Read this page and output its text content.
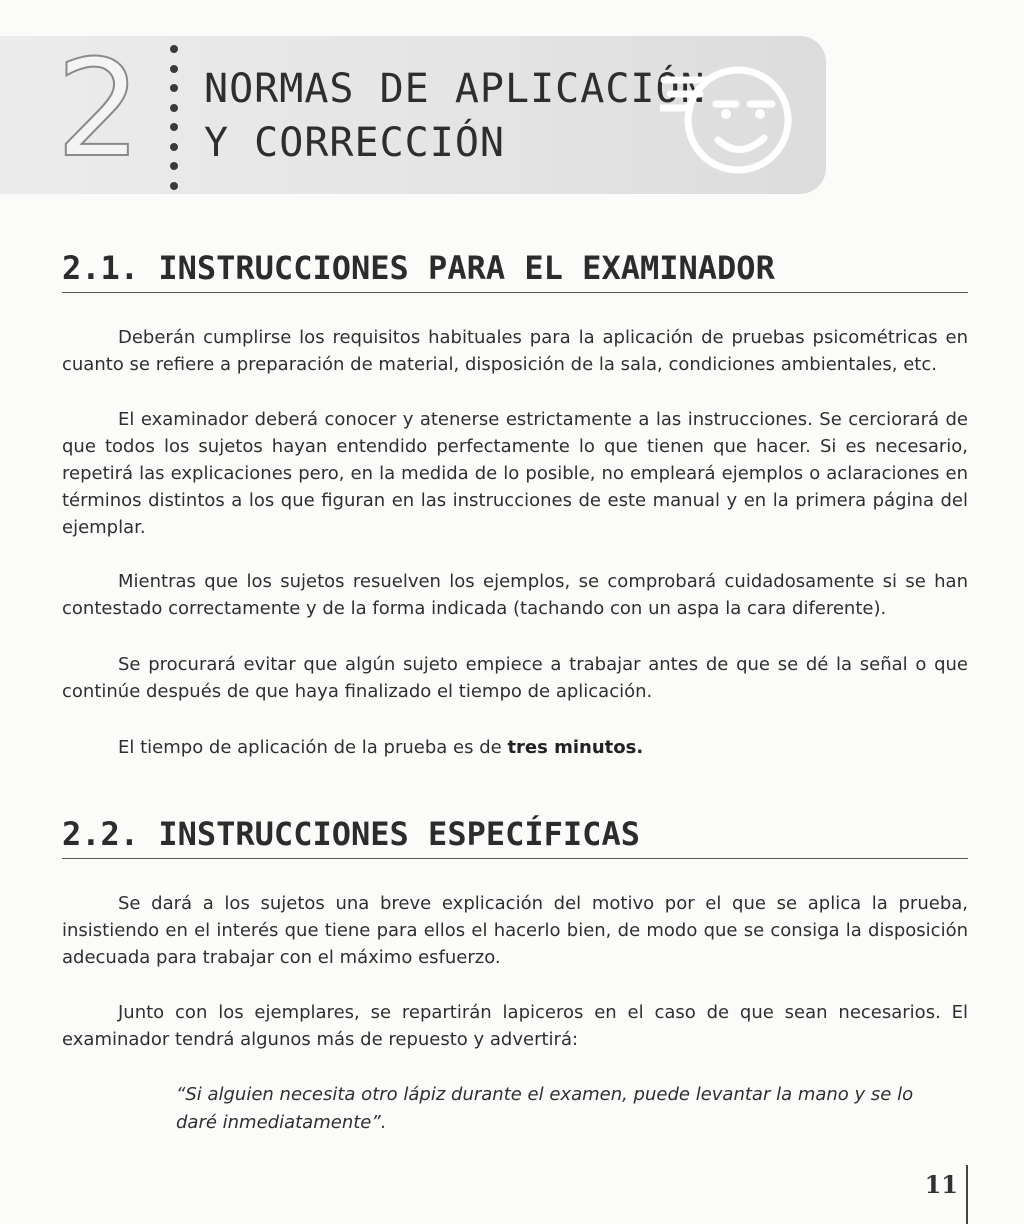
2 NORMAS DE APLICACIÓN
Y CORRECCIÓN
2.1. INSTRUCCIONES PARA EL EXAMINADOR

Deberán cumplirse los requisitos habituales para la aplicación de pruebas psicométricas en cuanto se refiere a preparación de material, disposición de la sala, condiciones ambientales, etc.

El examinador deberá conocer y atenerse estrictamente a las instrucciones. Se cerciorará de que todos los sujetos hayan entendido perfectamente lo que tienen que hacer. Si es necesario, repetirá las explicaciones pero, en la medida de lo posible, no empleará ejemplos o aclaraciones en términos distintos a los que figuran en las instrucciones de este manual y en la primera página del ejemplar.

Mientras que los sujetos resuelven los ejemplos, se comprobará cuidadosamente si se han contestado correctamente y de la forma indicada (tachando con un aspa la cara diferente).

Se procurará evitar que algún sujeto empiece a trabajar antes de que se dé la señal o que continúe después de que haya finalizado el tiempo de aplicación.

El tiempo de aplicación de la prueba es de tres minutos.

2.2. INSTRUCCIONES ESPECÍFICAS

Se dará a los sujetos una breve explicación del motivo por el que se aplica la prueba, insistiendo en el interés que tiene para ellos el hacerlo bien, de modo que se consiga la disposición adecuada para trabajar con el máximo esfuerzo.

Junto con los ejemplares, se repartirán lapiceros en el caso de que sean necesarios. El examinador tendrá algunos más de repuesto y advertirá:

“Si alguien necesita otro lápiz durante el examen, puede levantar la mano y se lo daré inmediatamente”.

11
